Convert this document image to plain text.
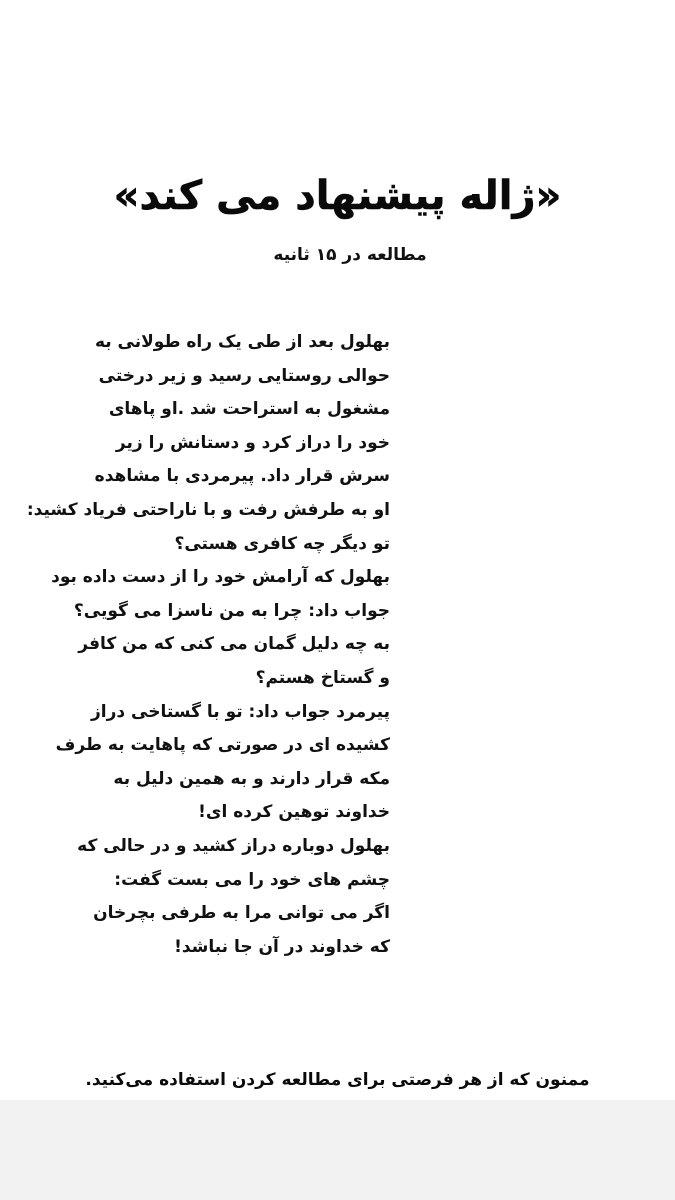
«ژاله پیشنهاد می کند»
مطالعه در ۱۵ ثانیه
بهلول بعد از طی یک راه طولانی به
حوالی روستایی رسید و زیر درختی
مشغول به استراحت شد .او پاهای
خود را دراز کرد و دستانش را زیر
سرش قرار داد. پیرمردی با مشاهده
او به طرفش رفت و با ناراحتی فریاد کشید:
تو دیگر چه کافری هستی؟
بهلول که آرامش خود را از دست داده بود
جواب داد: چرا به من ناسزا می گویی؟
به چه دلیل گمان می کنی که من کافر
و گستاخ هستم؟
پیرمرد جواب داد: تو با گستاخی دراز
کشیده ای در صورتی که پاهایت به طرف
مکه قرار دارند و به همین دلیل به
خداوند توهین کرده ای!
بهلول دوباره دراز کشید و در حالی که
چشم های خود را می بست گفت:
اگر می توانی مرا به طرفی بچرخان
که خداوند در آن جا نباشد!
ممنون که از هر فرصتی برای مطالعه کردن استفاده می‌کنید.
